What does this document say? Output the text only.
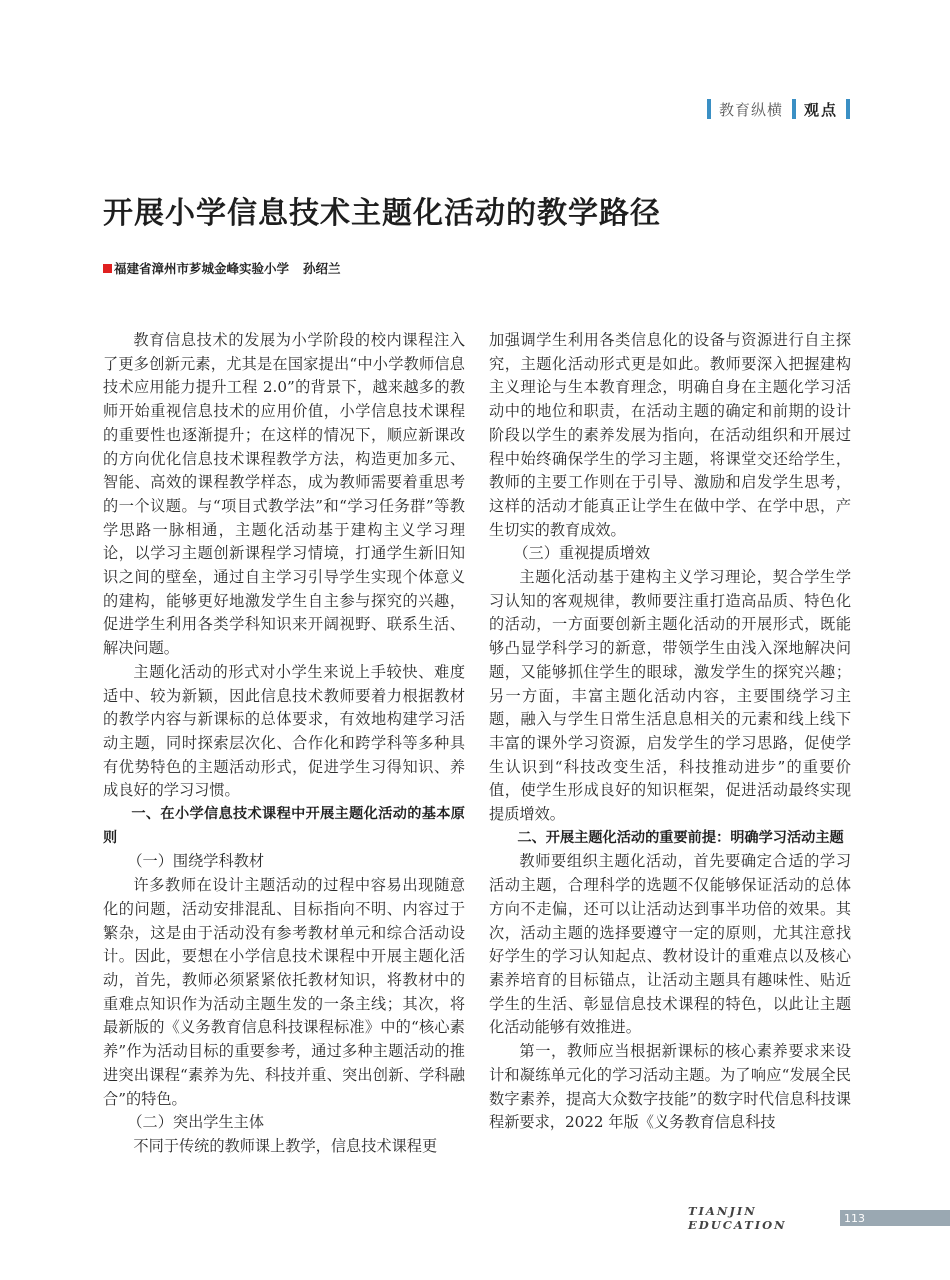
教育纵横 观点
开展小学信息技术主题化活动的教学路径
福建省漳州市芗城金峰实验小学 孙绍兰

教育信息技术的发展为小学阶段的校内课程注入了更多创新元素，尤其是在国家提出“中小学教师信息技术应用能力提升工程 2.0”的背景下，越来越多的教师开始重视信息技术的应用价值，小学信息技术课程的重要性也逐渐提升；在这样的情况下，顺应新课改的方向优化信息技术课程教学方法，构造更加多元、智能、高效的课程教学样态，成为教师需要着重思考的一个议题。与“项目式教学法”和“学习任务群”等教学思路一脉相通，主题化活动基于建构主义学习理论，以学习主题创新课程学习情境，打通学生新旧知识之间的壁垒，通过自主学习引导学生实现个体意义的建构，能够更好地激发学生自主参与探究的兴趣，促进学生利用各类学科知识来开阔视野、联系生活、解决问题。

主题化活动的形式对小学生来说上手较快、难度适中、较为新颖，因此信息技术教师要着力根据教材的教学内容与新课标的总体要求，有效地构建学习活动主题，同时探索层次化、合作化和跨学科等多种具有优势特色的主题活动形式，促进学生习得知识、养成良好的学习习惯。

一、在小学信息技术课程中开展主题化活动的基本原则

（一）围绕学科教材

许多教师在设计主题活动的过程中容易出现随意化的问题，活动安排混乱、目标指向不明、内容过于繁杂，这是由于活动没有参考教材单元和综合活动设计。因此，要想在小学信息技术课程中开展主题化活动，首先，教师必须紧紧依托教材知识，将教材中的重难点知识作为活动主题生发的一条主线；其次，将最新版的《义务教育信息科技课程标准》中的“核心素养”作为活动目标的重要参考，通过多种主题活动的推进突出课程“素养为先、科技并重、突出创新、学科融合”的特色。

（二）突出学生主体

不同于传统的教师课上教学，信息技术课程更

加强调学生利用各类信息化的设备与资源进行自主探究，主题化活动形式更是如此。教师要深入把握建构主义理论与生本教育理念，明确自身在主题化学习活动中的地位和职责，在活动主题的确定和前期的设计阶段以学生的素养发展为指向，在活动组织和开展过程中始终确保学生的学习主题，将课堂交还给学生，教师的主要工作则在于引导、激励和启发学生思考，这样的活动才能真正让学生在做中学、在学中思，产生切实的教育成效。

（三）重视提质增效

主题化活动基于建构主义学习理论，契合学生学习认知的客观规律，教师要注重打造高品质、特色化的活动，一方面要创新主题化活动的开展形式，既能够凸显学科学习的新意，带领学生由浅入深地解决问题，又能够抓住学生的眼球，激发学生的探究兴趣；另一方面，丰富主题化活动内容，主要围绕学习主题，融入与学生日常生活息息相关的元素和线上线下丰富的课外学习资源，启发学生的学习思路，促使学生认识到“科技改变生活，科技推动进步”的重要价值，使学生形成良好的知识框架，促进活动最终实现提质增效。

二、开展主题化活动的重要前提：明确学习活动主题

教师要组织主题化活动，首先要确定合适的学习活动主题，合理科学的选题不仅能够保证活动的总体方向不走偏，还可以让活动达到事半功倍的效果。其次，活动主题的选择要遵守一定的原则，尤其注意找好学生的学习认知起点、教材设计的重难点以及核心素养培育的目标锚点，让活动主题具有趣味性、贴近学生的生活、彰显信息技术课程的特色，以此让主题化活动能够有效推进。

第一，教师应当根据新课标的核心素养要求来设计和凝练单元化的学习活动主题。为了响应“发展全民数字素养，提高大众数字技能”的数字时代信息科技课程新要求，2022 年版《义务教育信息科技

TIANJIN EDUCATION	113
